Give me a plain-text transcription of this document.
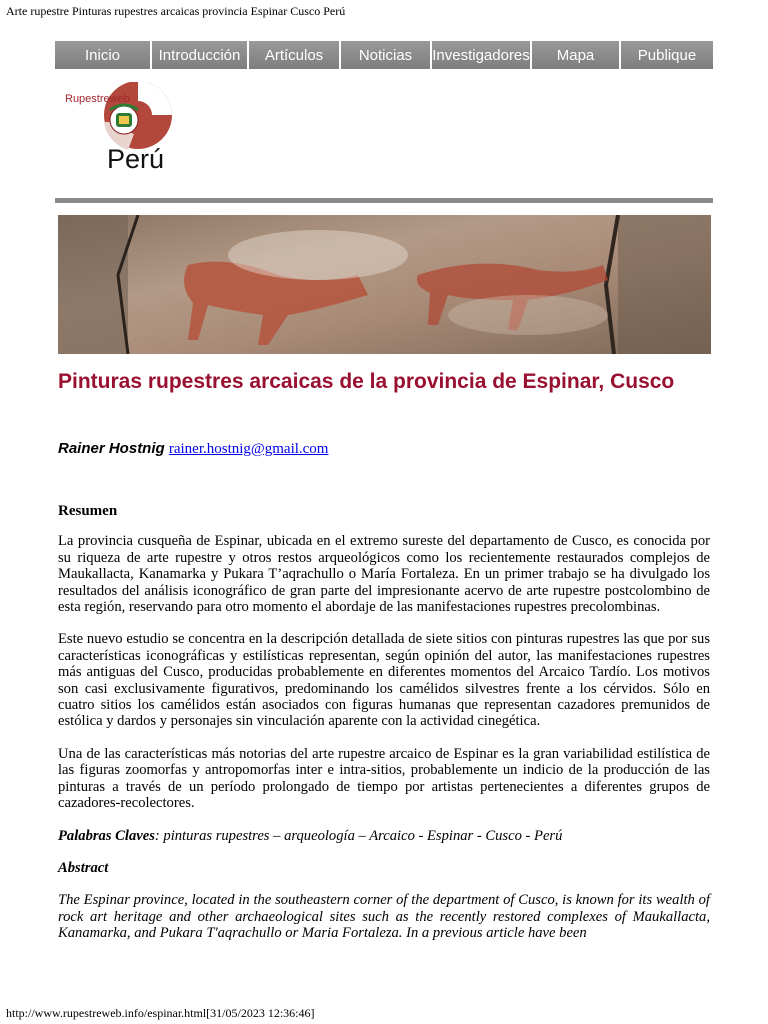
Arte rupestre Pinturas rupestres arcaicas provincia Espinar Cusco Perú
Inicio	Introducción	Artículos	Noticias	Investigadores	Mapa	Publique
Rupestreweb
Perú
Pinturas rupestres arcaicas de la provincia de Espinar, Cusco
Rainer Hostnig rainer.hostnig@gmail.com
Resumen

La provincia cusqueña de Espinar, ubicada en el extremo sureste del departamento de Cusco, es conocida por su riqueza de arte rupestre y otros restos arqueológicos como los recientemente restaurados complejos de Maukallacta, Kanamarka y Pukara T’aqrachullo o María Fortaleza. En un primer trabajo se ha divulgado los resultados del análisis iconográfico de gran parte del impresionante acervo de arte rupestre postcolombino de esta región, reservando para otro momento el abordaje de las manifestaciones rupestres precolombinas.

Este nuevo estudio se concentra en la descripción detallada de siete sitios con pinturas rupestres las que por sus características iconográficas y estilísticas representan, según opinión del autor, las manifestaciones rupestres más antiguas del Cusco, producidas probablemente en diferentes momentos del Arcaico Tardío. Los motivos son casi exclusivamente figurativos, predominando los camélidos silvestres frente a los cérvidos. Sólo en cuatro sitios los camélidos están asociados con figuras humanas que representan cazadores premunidos de estólica y dardos y personajes sin vinculación aparente con la actividad cinegética.

Una de las características más notorias del arte rupestre arcaico de Espinar es la gran variabilidad estilística de las figuras zoomorfas y antropomorfas inter e intra-sitios, probablemente un indicio de la producción de las pinturas a través de un período prolongado de tiempo por artistas pertenecientes a diferentes grupos de cazadores-recolectores.

Palabras Claves: pinturas rupestres – arqueología – Arcaico - Espinar - Cusco - Perú

Abstract

The Espinar province, located in the southeastern corner of the department of Cusco, is known for its wealth of rock art heritage and other archaeological sites such as the recently restored complexes of Maukallacta, Kanamarka, and Pukara T'aqrachullo or Maria Fortaleza. In a previous article have been

http://www.rupestreweb.info/espinar.html[31/05/2023 12:36:46]
